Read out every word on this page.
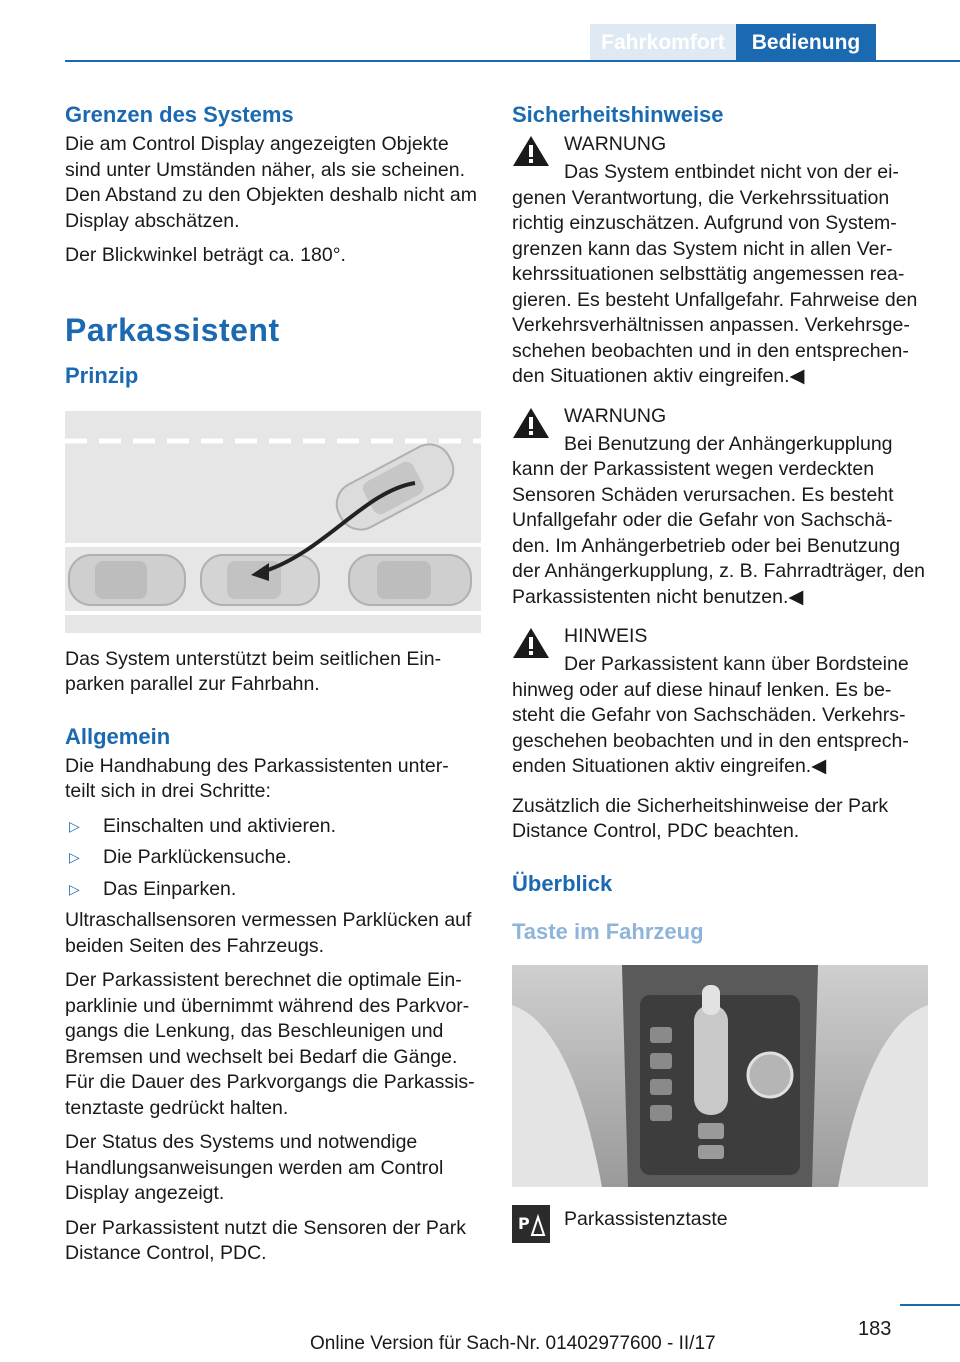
Fahrkomfort	Bedienung
Grenzen des Systems

Die am Control Display angezeigten Objekte sind unter Umständen näher, als sie scheinen. Den Abstand zu den Objekten deshalb nicht am Display abschätzen.

Der Blickwinkel beträgt ca. 180°.

Parkassistent
Prinzip

Das System unterstützt beim seitlichen Ein- parken parallel zur Fahrbahn.

Allgemein

Die Handhabung des Parkassistenten unter- teilt sich in drei Schritte:

▷	Einschalten und aktivieren.
▷	Die Parklückensuche.
▷	Das Einparken.

Ultraschallsensoren vermessen Parklücken auf beiden Seiten des Fahrzeugs.

Der Parkassistent berechnet die optimale Ein- parklinie und übernimmt während des Parkvor- gangs die Lenkung, das Beschleunigen und Bremsen und wechselt bei Bedarf die Gänge. Für die Dauer des Parkvorgangs die Parkassis- tenztaste gedrückt halten.

Der Status des Systems und notwendige Handlungsanweisungen werden am Control Display angezeigt.

Der Parkassistent nutzt die Sensoren der Park Distance Control, PDC.

Sicherheitshinweise
WARNUNG
Das System entbindet nicht von der ei- genen Verantwortung, die Verkehrssituation richtig einzuschätzen. Aufgrund von System- grenzen kann das System nicht in allen Ver- kehrssituationen selbsttätig angemessen rea- gieren. Es besteht Unfallgefahr. Fahrweise den Verkehrsverhältnissen anpassen. Verkehrsge- schehen beobachten und in den entsprechen- den Situationen aktiv eingreifen.◀
WARNUNG
Bei Benutzung der Anhängerkupplung kann der Parkassistent wegen verdeckten Sensoren Schäden verursachen. Es besteht Unfallgefahr oder die Gefahr von Sachschä- den. Im Anhängerbetrieb oder bei Benutzung der Anhängerkupplung, z. B. Fahrradträger, den Parkassistenten nicht benutzen.◀
HINWEIS
Der Parkassistent kann über Bordsteine hinweg oder auf diese hinauf lenken. Es be- steht die Gefahr von Sachschäden. Verkehrs- geschehen beobachten und in den entsprech- enden Situationen aktiv eingreifen.◀

Zusätzlich die Sicherheitshinweise der Park Distance Control, PDC beachten.

Überblick
Taste im Fahrzeug
P Parkassistenztaste

183
Online Version für Sach-Nr. 01402977600 - II/17
